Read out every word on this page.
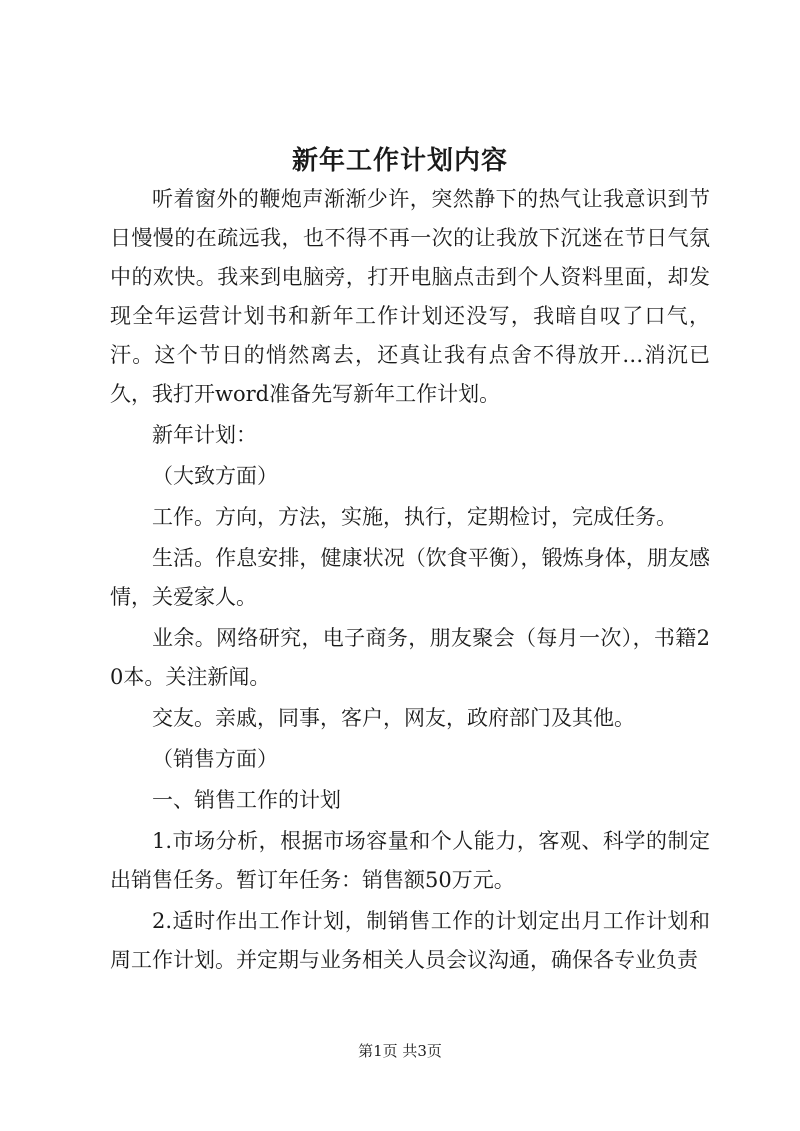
新年工作计划内容

听着窗外的鞭炮声渐渐少许，突然静下的热气让我意识到节日慢慢的在疏远我，也不得不再一次的让我放下沉迷在节日气氛中的欢快。我来到电脑旁，打开电脑点击到个人资料里面，却发现全年运营计划书和新年工作计划还没写，我暗自叹了口气，汗。这个节日的悄然离去，还真让我有点舍不得放开…消沉已久，我打开word准备先写新年工作计划。

新年计划：

（大致方面）

工作。方向，方法，实施，执行，定期检讨，完成任务。

生活。作息安排，健康状况（饮食平衡），锻炼身体，朋友感情，关爱家人。

业余。网络研究，电子商务，朋友聚会（每月一次），书籍20本。关注新闻。

交友。亲戚，同事，客户，网友，政府部门及其他。

（销售方面）

一、销售工作的计划

1.市场分析，根据市场容量和个人能力，客观、科学的制定出销售任务。暂订年任务：销售额50万元。

2.适时作出工作计划，制销售工作的计划定出月工作计划和周工作计划。并定期与业务相关人员会议沟通，确保各专业负责

第1页 共3页
